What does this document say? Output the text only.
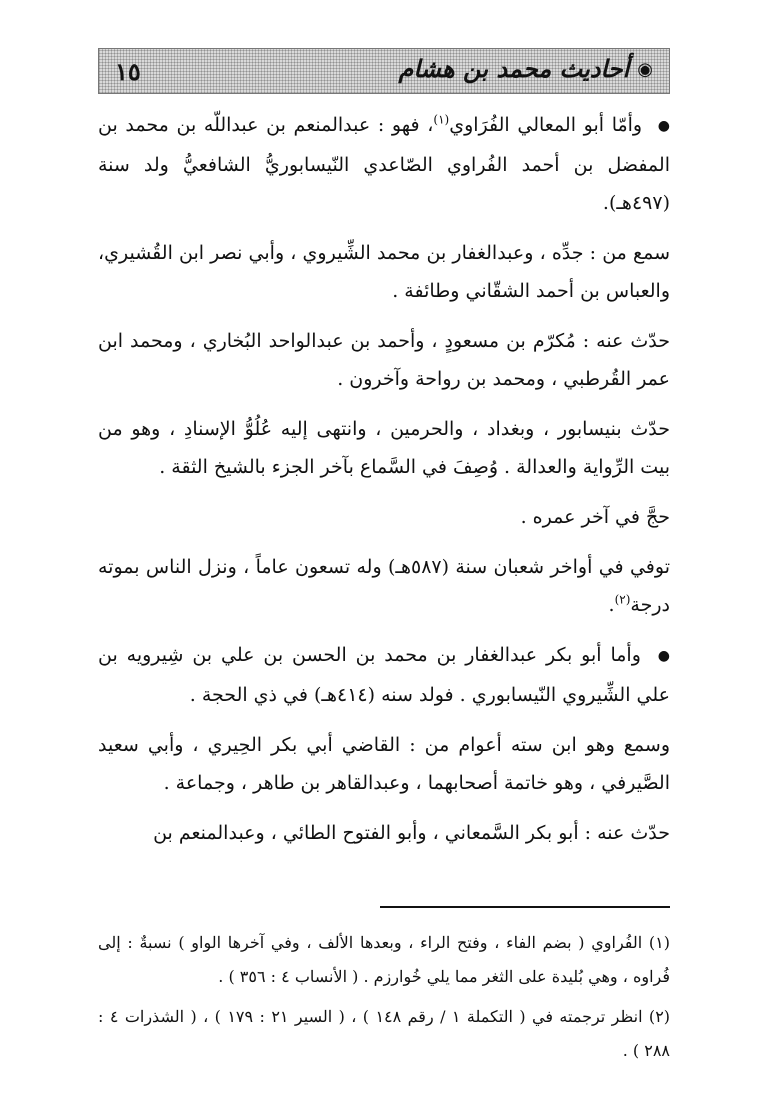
◉
أحاديث محمد بن هشام
١٥

● وأمّا أبو المعالي الفُرَاوي$^{(١)}$، فهو : عبدالمنعم بن عبداللّه بن محمد بن المفضل بن أحمد الفُراوي الصّاعدي النّيسابوريُّ الشافعيُّ ولد سنة (٤٩٧هـ).

سمع من : جدِّه ، وعبدالغفار بن محمد الشِّيروي ، وأبي نصر ابن القُشيري، والعباس بن أحمد الشقّاني وطائفة .

حدّث عنه : مُكرّم بن مسعودٍ ، وأحمد بن عبدالواحد البُخاري ، ومحمد ابن عمر القُرطبي ، ومحمد بن رواحة وآخرون .

حدّث بنيسابور ، وبغداد ، والحرمين ، وانتهى إليه عُلُوُّ الإسنادِ ، وهو من بيت الرِّواية والعدالة . وُصِفَ في السَّماع بآخر الجزء بالشيخ الثقة .

حجَّ في آخر عمره .

توفي في أواخر شعبان سنة (٥٨٧هـ) وله تسعون عاماً ، ونزل الناس بموته درجة$^{(٢)}$.

● وأما أبو بكر عبدالغفار بن محمد بن الحسن بن علي بن شِيرويه بن علي الشِّيروي النّيسابوري . فولد سنه (٤١٤هـ) في ذي الحجة .

وسمع وهو ابن سته أعوام من : القاضي أبي بكر الحِيري ، وأبي سعيد الصَّيرفي ، وهو خاتمة أصحابهما ، وعبدالقاهر بن طاهر ، وجماعة .

حدّث عنه : أبو بكر السَّمعاني ، وأبو الفتوح الطائي ، وعبدالمنعم بن

(١) الفُراوي ( بضم الفاء ، وفتح الراء ، وبعدها الألف ، وفي آخرها الواو ) نسبةٌ : إلى فُراوه ، وهي بُليدة على الثغر مما يلي خُوارزم . ( الأنساب ٤ : ٣٥٦ ) .

(٢) انظر ترجمته في ( التكملة ١ / رقم ١٤٨ ) ، ( السير ٢١ : ١٧٩ ) ، ( الشذرات ٤ : ٢٨٨ ) .
